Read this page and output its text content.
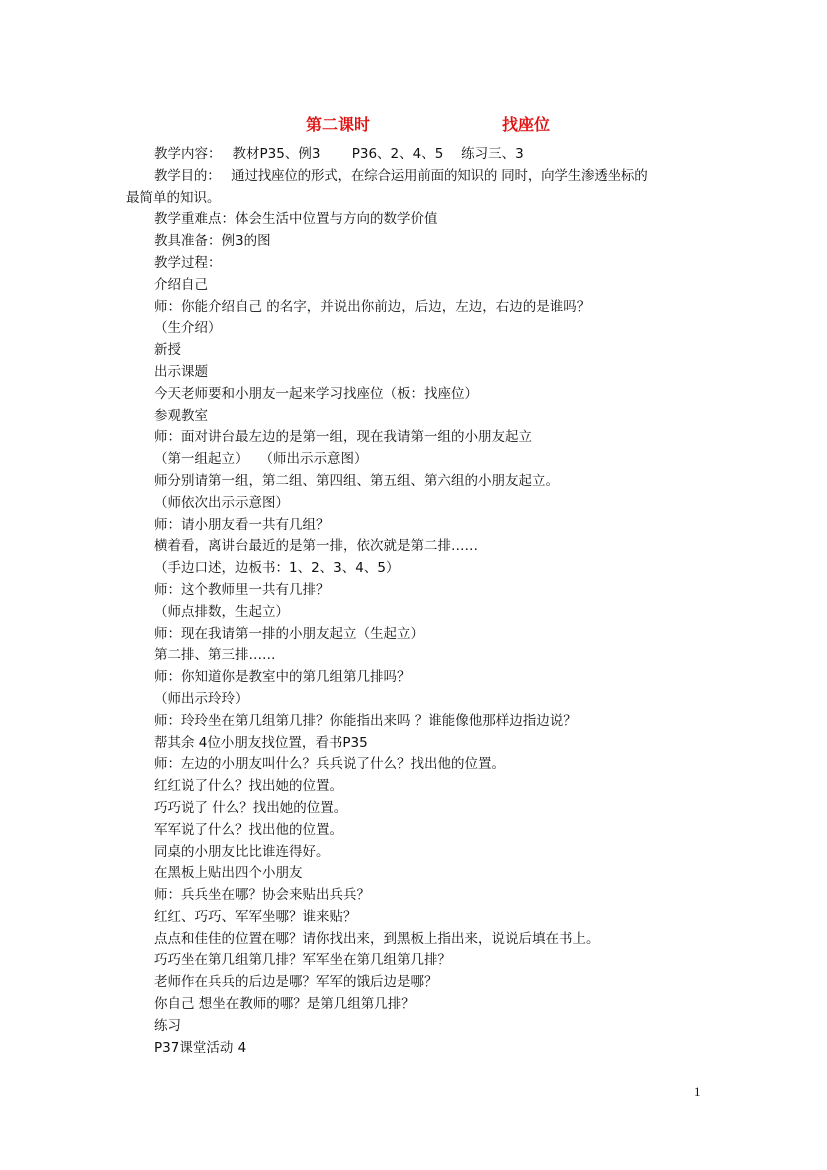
第二课时	找座位
教学内容：　 教材P35、例3　　 P36、2、4、5　 练习三、3
教学目的：　 通过找座位的形式，在综合运用前面的知识的 同时，向学生渗透坐标的
最简单的知识。
教学重难点：体会生活中位置与方向的数学价值
教具准备：例3的图
教学过程：
介绍自己
师：你能介绍自己 的名字，并说出你前边，后边，左边，右边的是谁吗？
（生介绍）
新授
出示课题
今天老师要和小朋友一起来学习找座位（板：找座位）
参观教室
师：面对讲台最左边的是第一组，现在我请第一组的小朋友起立
（第一组起立）　 （师出示示意图）
师分别请第一组，第二组、第四组、第五组、第六组的小朋友起立。
（师依次出示示意图）
师：请小朋友看一共有几组？
横着看，离讲台最近的是第一排，依次就是第二排……
（手边口述，边板书：1、2、3、4、5）
师：这个教师里一共有几排？
（师点排数，生起立）
师：现在我请第一排的小朋友起立（生起立）
第二排、第三排……
师：你知道你是教室中的第几组第几排吗？
（师出示玲玲）
师：玲玲坐在第几组第几排？你能指出来吗 ？谁能像他那样边指边说？
帮其余 4位小朋友找位置，看书P35
师：左边的小朋友叫什么？兵兵说了什么？找出他的位置。
红红说了什么？找出她的位置。
巧巧说了 什么？找出她的位置。
军军说了什么？找出他的位置。
同桌的小朋友比比谁连得好。
在黑板上贴出四个小朋友
师：兵兵坐在哪？协会来贴出兵兵？
红红、巧巧、军军坐哪？谁来贴？
点点和佳佳的位置在哪？请你找出来，到黑板上指出来，说说后填在书上。
巧巧坐在第几组第几排？军军坐在第几组第几排？
老师作在兵兵的后边是哪？军军的饿后边是哪？
你自己 想坐在教师的哪？是第几组第几排？
练习
P37课堂活动 4
1
